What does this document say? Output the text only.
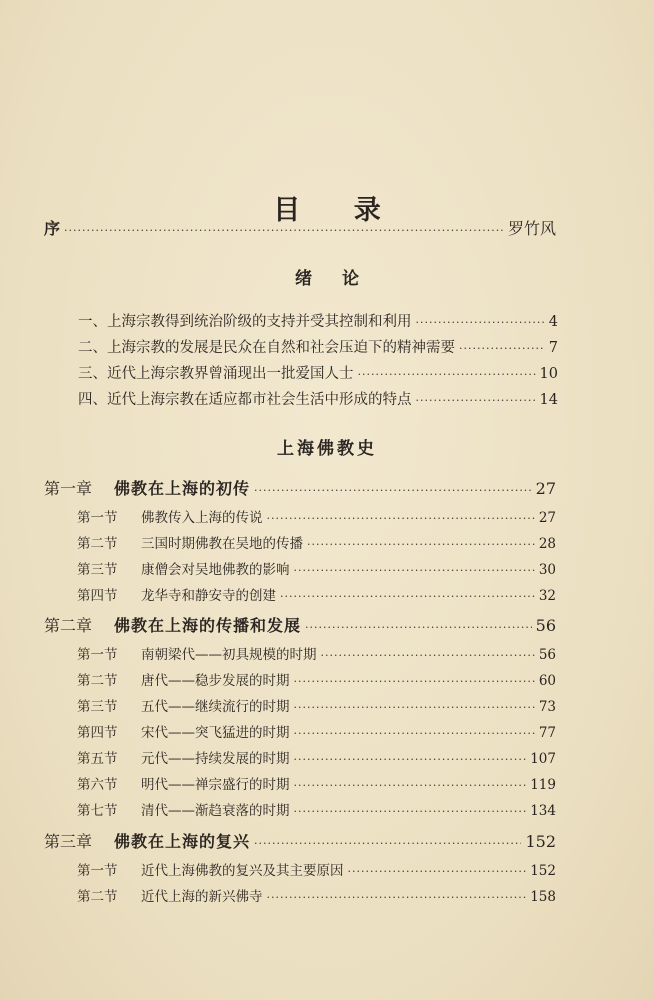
目 录
序 ·····	罗竹风
绪 论
一、上海宗教得到统治阶级的支持并受其控制和利用 ·····	4
二、上海宗教的发展是民众在自然和社会压迫下的精神需要 ·····	7
三、近代上海宗教界曾涌现出一批爱国人士 ·····	10
四、近代上海宗教在适应都市社会生活中形成的特点 ·····	14
上海佛教史
第一章 佛教在上海的初传 ·····	27
第一节 佛教传入上海的传说 ·····	27
第二节 三国时期佛教在吴地的传播 ·····	28
第三节 康僧会对吴地佛教的影响 ·····	30
第四节 龙华寺和静安寺的创建 ·····	32
第二章 佛教在上海的传播和发展 ·····	56
第一节 南朝梁代——初具规模的时期 ·····	56
第二节 唐代——稳步发展的时期 ·····	60
第三节 五代——继续流行的时期 ·····	73
第四节 宋代——突飞猛进的时期 ·····	77
第五节 元代——持续发展的时期 ·····	107
第六节 明代——禅宗盛行的时期 ·····	119
第七节 清代——渐趋衰落的时期 ·····	134
第三章 佛教在上海的复兴 ·····	152
第一节 近代上海佛教的复兴及其主要原因 ·····	152
第二节 近代上海的新兴佛寺 ·····	158
